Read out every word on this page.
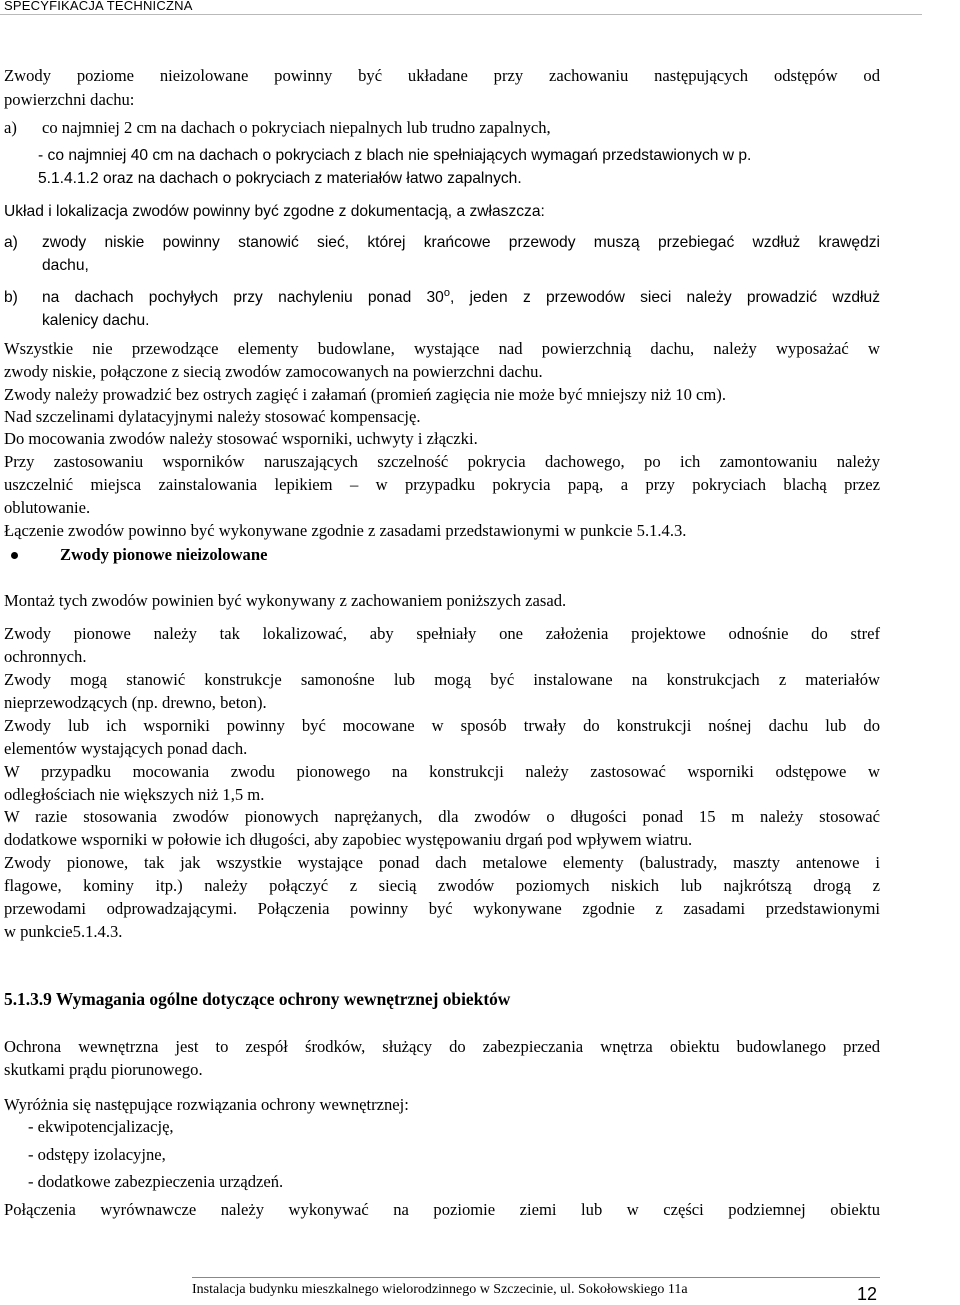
SPECYFIKACJA TECHNICZNA

Zwody poziome nieizolowane powinny być układane przy zachowaniu następujących odstępów od

powierzchni dachu:

a) co najmniej 2 cm na dachach o pokryciach niepalnych lub trudno zapalnych,

- co najmniej 40 cm na dachach o pokryciach z blach nie spełniających wymagań przedstawionych w p.

5.1.4.1.2 oraz na dachach o pokryciach z materiałów łatwo zapalnych.

Układ i lokalizacja zwodów powinny być zgodne z dokumentacją, a zwłaszcza:

a) zwody niskie powinny stanowić sieć, której krańcowe przewody muszą przebiegać wzdłuż krawędzi

dachu,

b) na dachach pochyłych przy nachyleniu ponad 30$^o$, jeden z przewodów sieci należy prowadzić wzdłuż

kalenicy dachu.

Wszystkie nie przewodzące elementy budowlane, wystające nad powierzchnią dachu, należy wyposażać w

zwody niskie, połączone z siecią zwodów zamocowanych na powierzchni dachu.

Zwody należy prowadzić bez ostrych zagięć i załamań (promień zagięcia nie może być mniejszy niż 10 cm).

Nad szczelinami dylatacyjnymi należy stosować kompensację.

Do mocowania zwodów należy stosować wsporniki, uchwyty i złączki.

Przy zastosowaniu wsporników naruszających szczelność pokrycia dachowego, po ich zamontowaniu należy

uszczelnić miejsca zainstalowania lepikiem – w przypadku pokrycia papą, a przy pokryciach blachą przez

oblutowanie.

Łączenie zwodów powinno być wykonywane zgodnie z zasadami przedstawionymi w punkcie 5.1.4.3.

Zwody pionowe nieizolowane

Montaż tych zwodów powinien być wykonywany z zachowaniem poniższych zasad.

Zwody pionowe należy tak lokalizować, aby spełniały one założenia projektowe odnośnie do stref

ochronnych.

Zwody mogą stanowić konstrukcje samonośne lub mogą być instalowane na konstrukcjach z materiałów

nieprzewodzących (np. drewno, beton).

Zwody lub ich wsporniki powinny być mocowane w sposób trwały do konstrukcji nośnej dachu lub do

elementów wystających ponad dach.

W przypadku mocowania zwodu pionowego na konstrukcji należy zastosować wsporniki odstępowe w

odległościach nie większych niż 1,5 m.

W razie stosowania zwodów pionowych naprężanych, dla zwodów o długości ponad 15 m należy stosować

dodatkowe wsporniki w połowie ich długości, aby zapobiec występowaniu drgań pod wpływem wiatru.

Zwody pionowe, tak jak wszystkie wystające ponad dach metalowe elementy (balustrady, maszty antenowe i

flagowe, kominy itp.) należy połączyć z siecią zwodów poziomych niskich lub najkrótszą drogą z

przewodami odprowadzającymi. Połączenia powinny być wykonywane zgodnie z zasadami przedstawionymi

w punkcie5.1.4.3.

5.1.3.9 Wymagania ogólne dotyczące ochrony wewnętrznej obiektów

Ochrona wewnętrzna jest to zespół środków, służący do zabezpieczania wnętrza obiektu budowlanego przed

skutkami prądu piorunowego.

Wyróżnia się następujące rozwiązania ochrony wewnętrznej:

- ekwipotencjalizację,

- odstępy izolacyjne,

- dodatkowe zabezpieczenia urządzeń.

Połączenia wyrównawcze należy wykonywać na poziomie ziemi lub w części podziemnej obiektu

Instalacja budynku mieszkalnego wielorodzinnego w Szczecinie, ul. Sokołowskiego 11a	12
